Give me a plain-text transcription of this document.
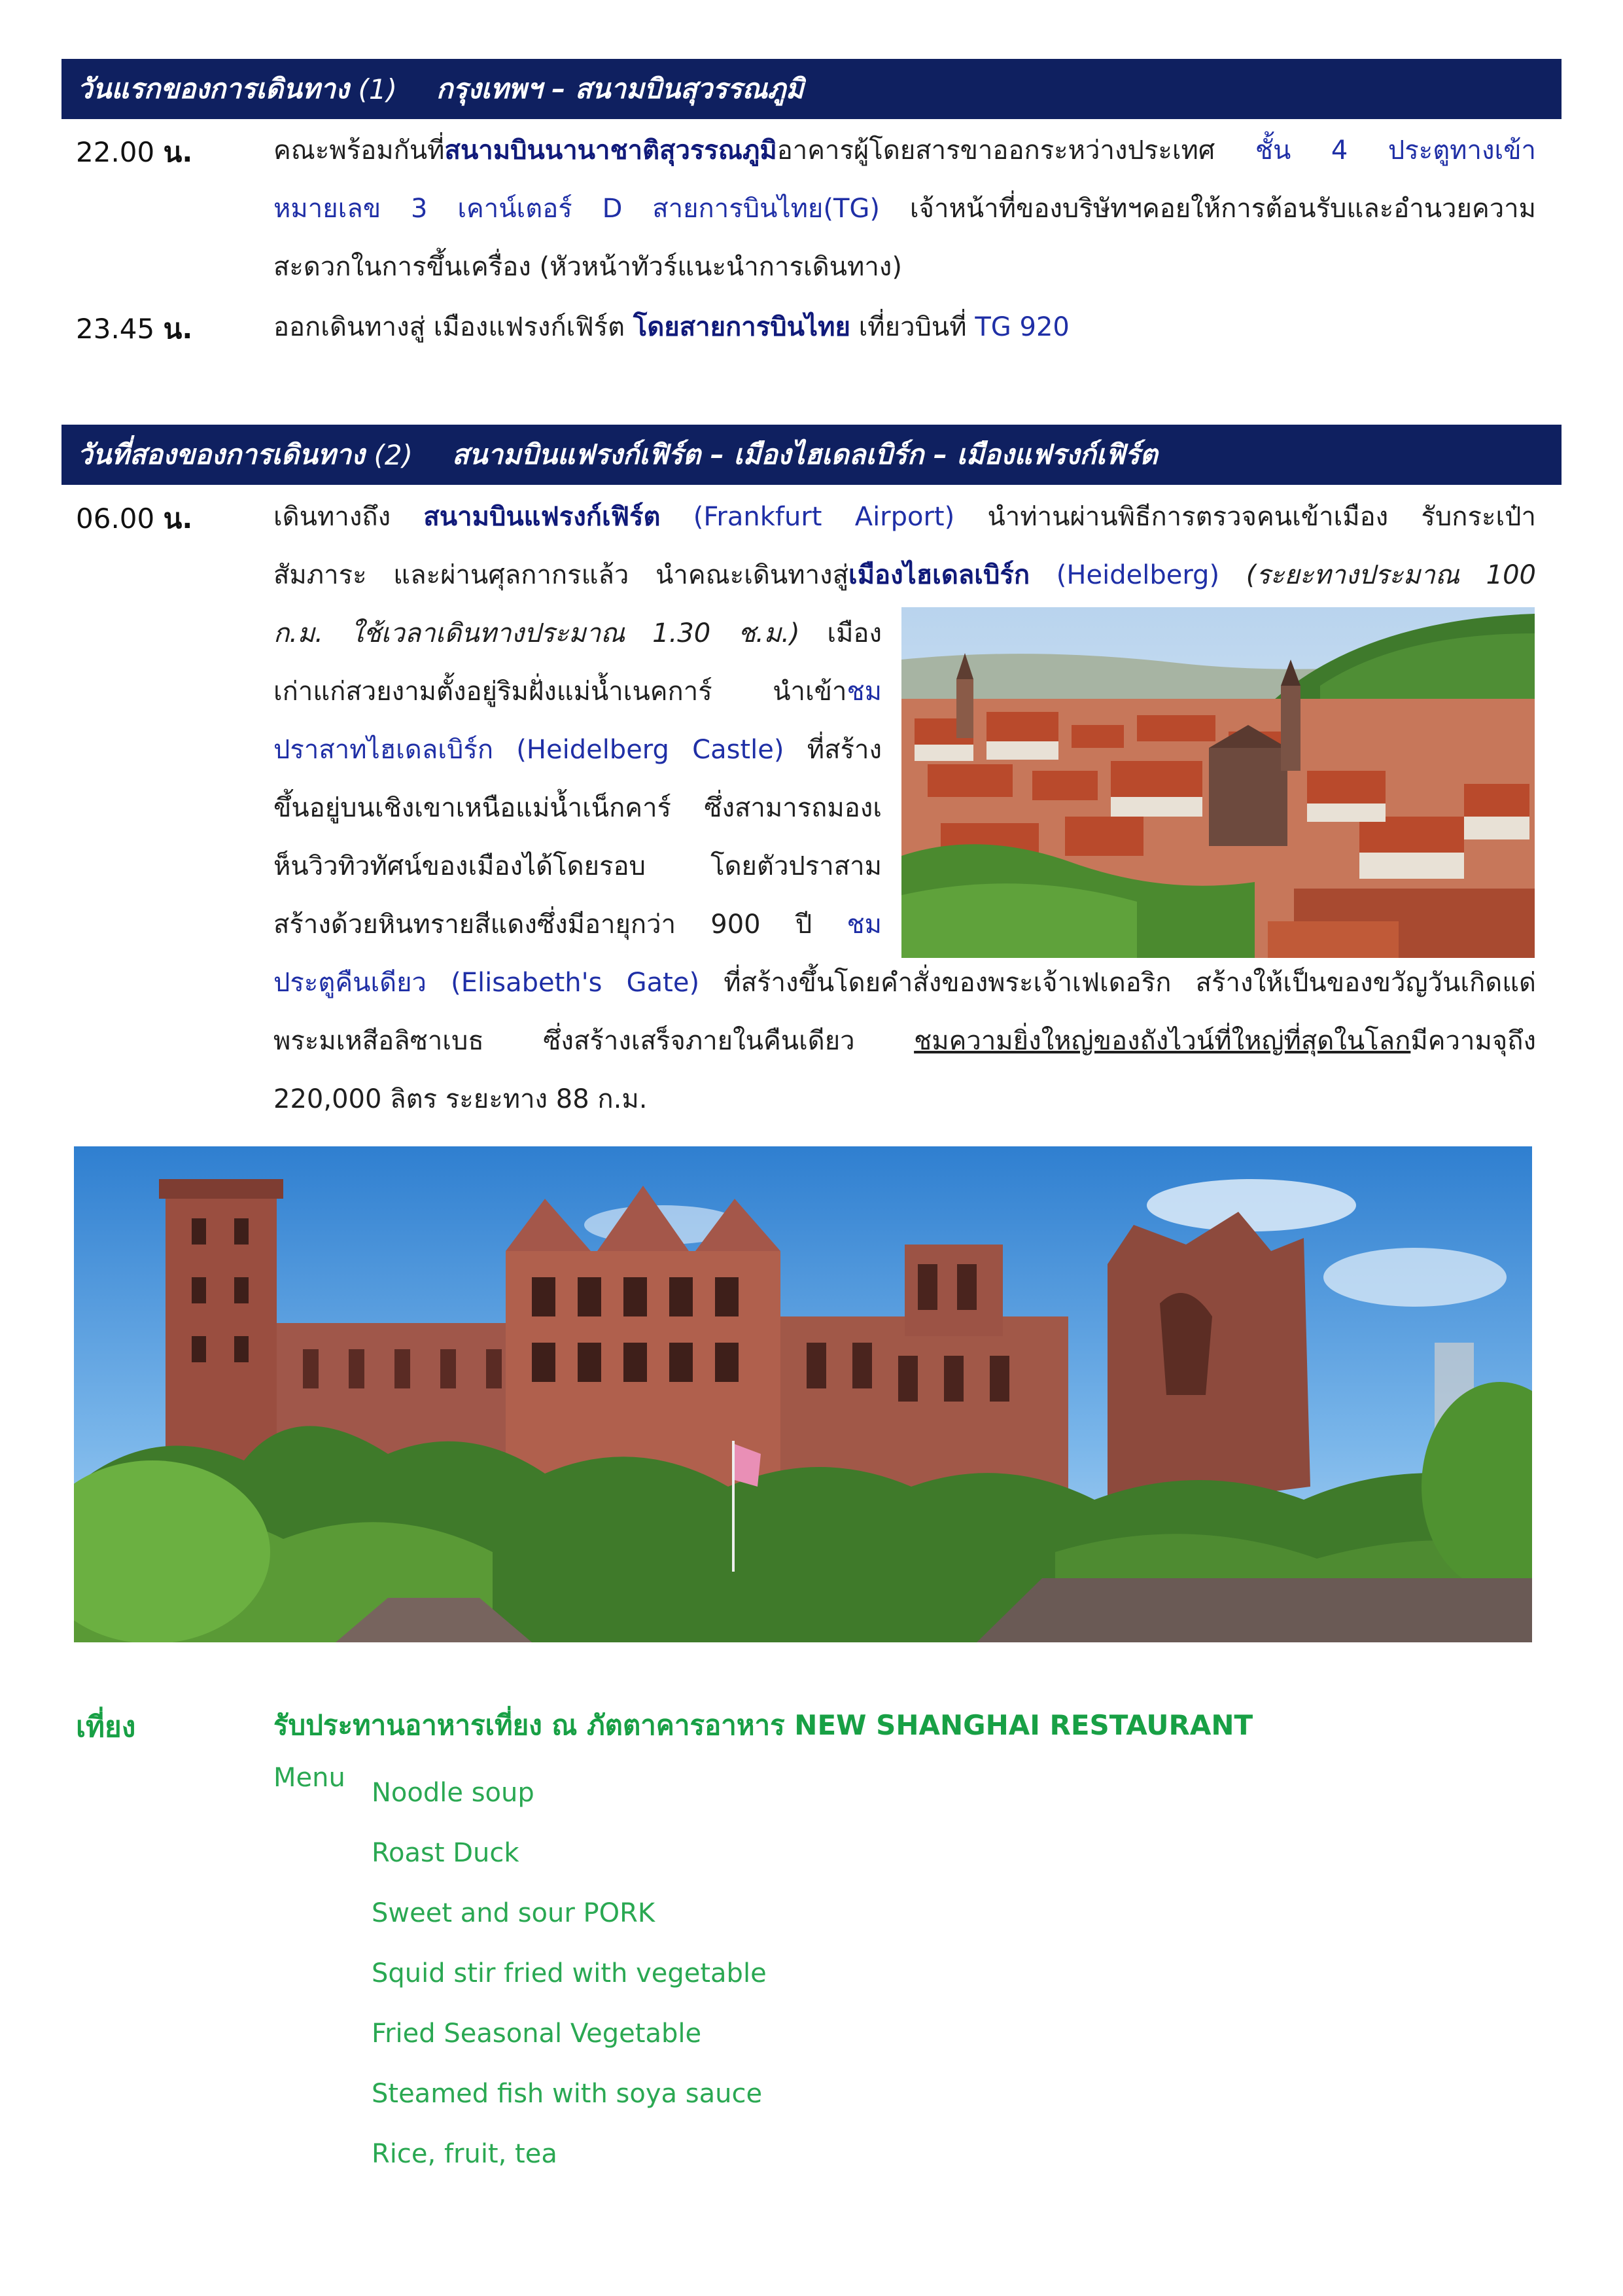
วันแรกของการเดินทาง (1) กรุงเทพฯ – สนามบินสุวรรณภูมิ
22.00 น.	คณะพร้อมกันที่สนามบินนานาชาติสุวรรณภูมิอาคารผู้โดยสารขาออกระหว่างประเทศ ชั้น 4 ประตูทางเข้า
หมายเลข 3 เคาน์เตอร์ D สายการบินไทย(TG) เจ้าหน้าที่ของบริษัทฯคอยให้การต้อนรับและอำนวยความ
สะดวกในการขึ้นเครื่อง (หัวหน้าทัวร์แนะนำการเดินทาง)
23.45 น.	ออกเดินทางสู่ เมืองแฟรงก์เฟิร์ต โดยสายการบินไทย เที่ยวบินที่ TG 920
วันที่สองของการเดินทาง (2) สนามบินแฟรงก์เฟิร์ต – เมืองไฮเดลเบิร์ก – เมืองแฟรงก์เฟิร์ต
06.00 น.	เดินทางถึง สนามบินแฟรงก์เฟิร์ต (Frankfurt Airport) นำท่านผ่านพิธีการตรวจคนเข้าเมือง รับกระเป๋า
สัมภาระ และผ่านศุลกากรแล้ว นำคณะเดินทางสู่เมืองไฮเดลเบิร์ก (Heidelberg) (ระยะทางประมาณ 100
ก.ม. ใช้เวลาเดินทางประมาณ 1.30 ช.ม.) เมือง
เก่าแก่สวยงามตั้งอยู่ริมฝั่งแม่น้ำเนคการ์ นำเข้าชม
ปราสาทไฮเดลเบิร์ก (Heidelberg Castle) ที่สร้าง
ขึ้นอยู่บนเชิงเขาเหนือแม่น้ำเน็กคาร์ ซึ่งสามารถมองเ
ห็นวิวทิวทัศน์ของเมืองได้โดยรอบ โดยตัวปราสาม
สร้างด้วยหินทรายสีแดงซึ่งมีอายุกว่า 900 ปี ชม
ประตูคืนเดียว (Elisabeth's Gate) ที่สร้างขึ้นโดยคำสั่งของพระเจ้าเฟเดอริก สร้างให้เป็นของขวัญวันเกิดแด่
พระมเหสีอลิซาเบธ ซึ่งสร้างเสร็จภายในคืนเดียว ชมความยิ่งใหญ่ของถังไวน์ที่ใหญ่ที่สุดในโลกมีความจุถึง
220,000 ลิตร ระยะทาง 88 ก.ม.
เที่ยง	รับประทานอาหารเที่ยง ณ ภัตตาคารอาหาร NEW SHANGHAI RESTAURANT
Menu Noodle soup
Roast Duck
Sweet and sour PORK
Squid stir fried with vegetable
Fried Seasonal Vegetable
Steamed fish with soya sauce
Rice, fruit, tea
